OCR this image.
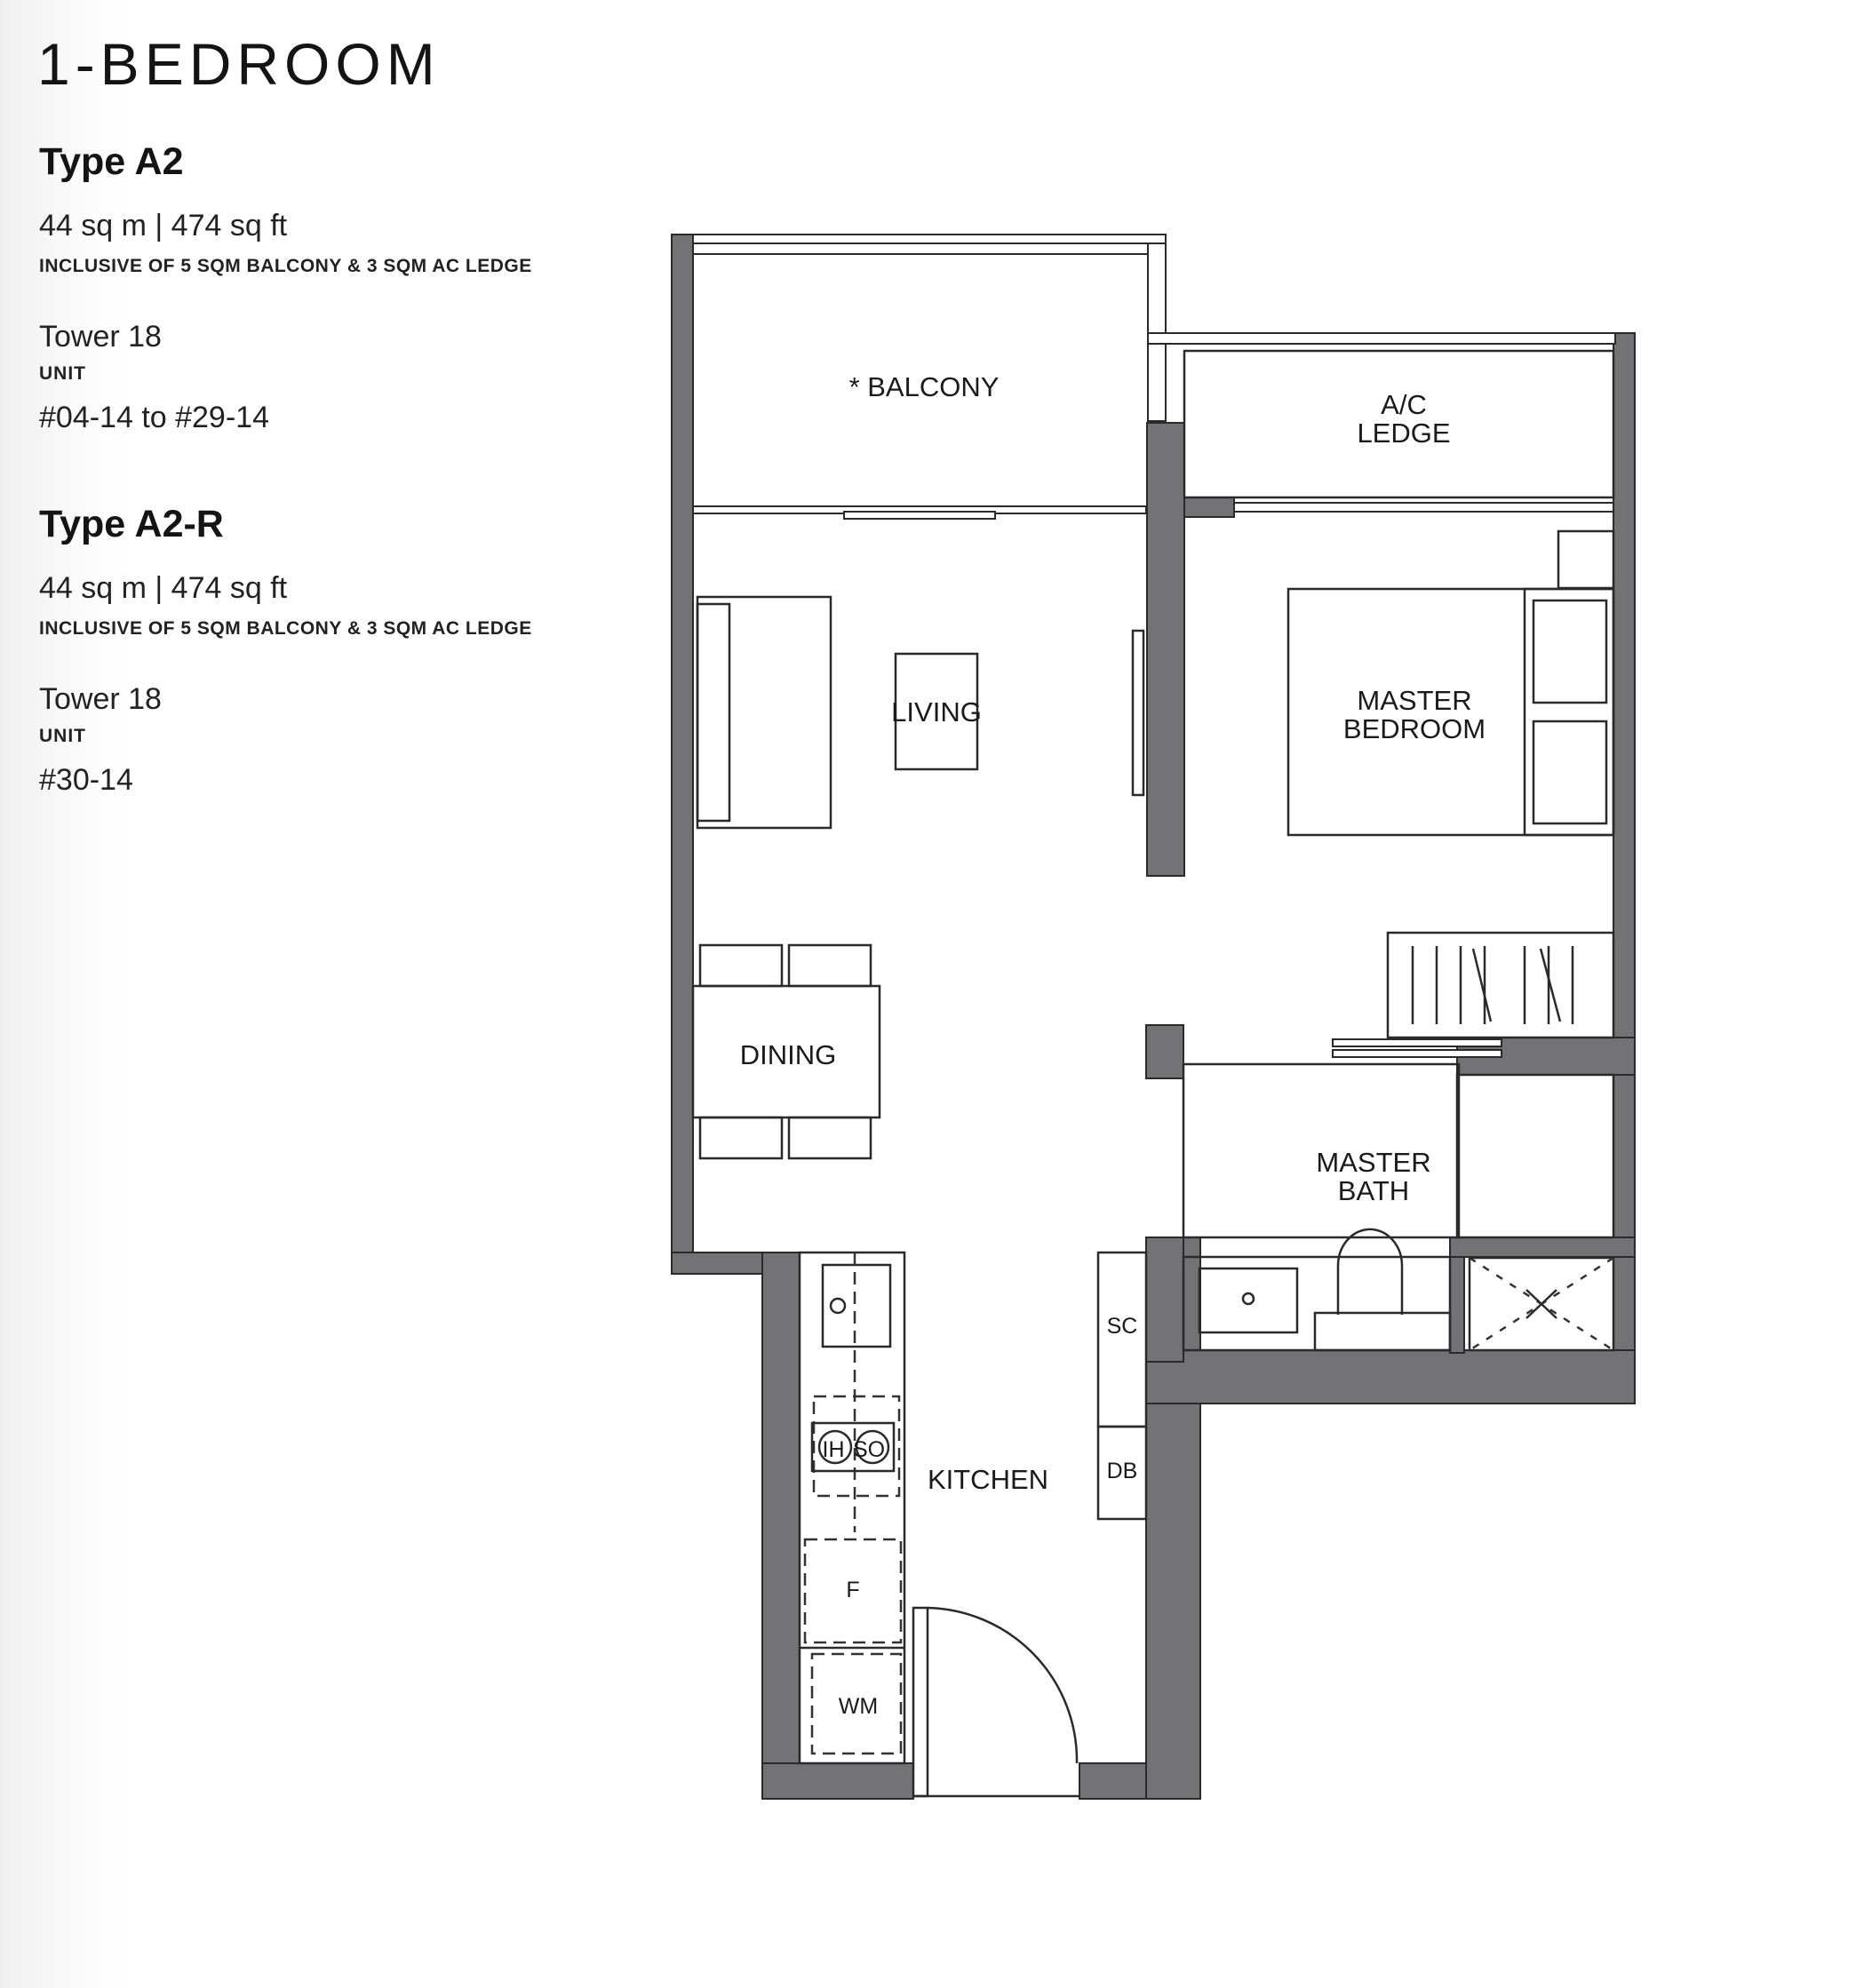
1-BEDROOM
Type A2
44 sq m | 474 sq ft
INCLUSIVE OF 5 SQM BALCONY & 3 SQM AC LEDGE
Tower 18
UNIT
#04-14 to #29-14
Type A2-R
44 sq m | 474 sq ft
INCLUSIVE OF 5 SQM BALCONY & 3 SQM AC LEDGE
Tower 18
UNIT
#30-14
* BALCONY
A/C
LEDGE
LIVING	MASTER
BEDROOM
DINING
MASTER
BATH
KITCHEN
SC
DB
IH SO
F
WM
